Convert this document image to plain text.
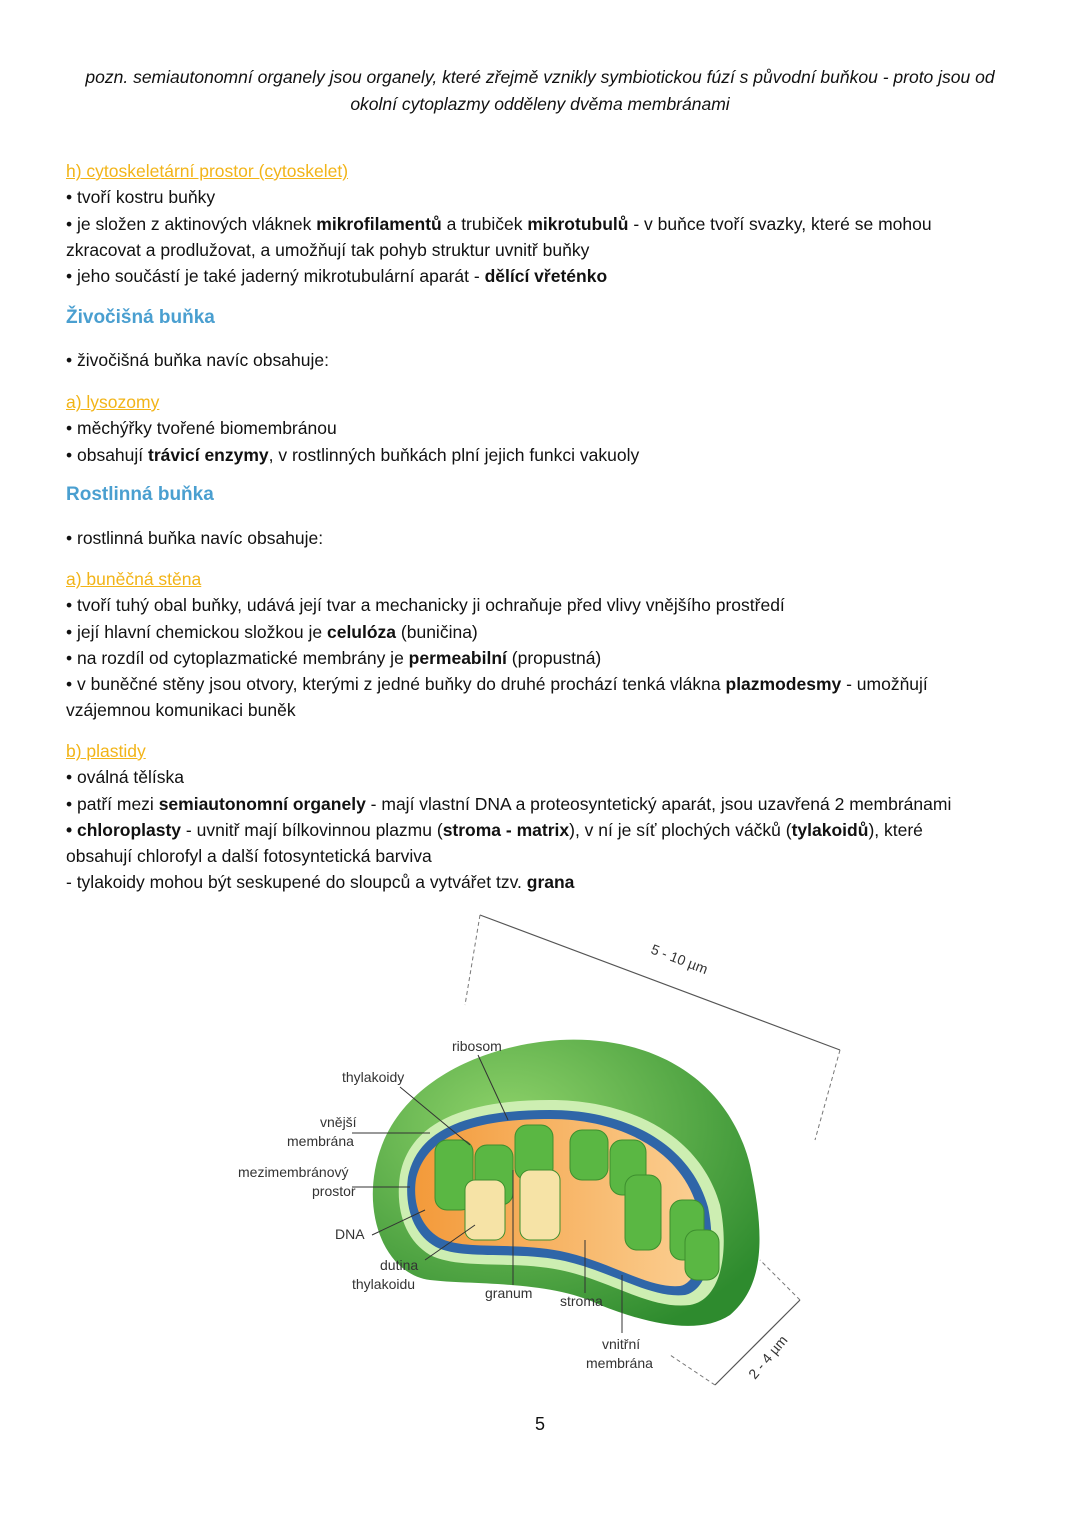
pozn. semiautonomní organely jsou organely, které zřejmě vznikly symbiotickou fúzí s původní buňkou - proto jsou od
okolní cytoplazmy odděleny dvěma membránami
h) cytoskeletární prostor (cytoskelet)
• tvoří kostru buňky
• je složen z aktinových vláknek mikrofilamentů a trubiček mikrotubulů - v buňce tvoří svazky, které se mohou
zkracovat a prodlužovat, a umožňují tak pohyb struktur uvnitř buňky
• jeho součástí je také jaderný mikrotubulární aparát - dělící vřeténko
Živočišná buňka
• živočišná buňka navíc obsahuje:
a) lysozomy
• měchýřky tvořené biomembránou
• obsahují trávicí enzymy, v rostlinných buňkách plní jejich funkci vakuoly
Rostlinná buňka
• rostlinná buňka navíc obsahuje:
a) buněčná stěna
• tvoří tuhý obal buňky, udává její tvar a mechanicky ji ochraňuje před vlivy vnějšího prostředí
• její hlavní chemickou složkou je celulóza (buničina)
• na rozdíl od cytoplazmatické membrány je permeabilní (propustná)
• v buněčné stěny jsou otvory, kterými z jedné buňky do druhé prochází tenká vlákna plazmodesmy - umožňují
vzájemnou komunikaci buněk
b) plastidy
• oválná tělíska
• patří mezi semiautonomní organely - mají vlastní DNA a proteosyntetický aparát, jsou uzavřená 2 membránami
• chloroplasty - uvnitř mají bílkovinnou plazmu (stroma - matrix), v ní je síť plochých váčků (tylakoidů), které
obsahují chlorofyl a další fotosyntetická barviva
- tylakoidy mohou být seskupené do sloupců a vytvářet tzv. grana
5 - 10 µm
2 - 4 µm
ribosom
thylakoidy
vnější
membrána
mezimembránový
prostor
DNA
dutina
thylakoidu
granum stroma
vnitřní
membrána
5
